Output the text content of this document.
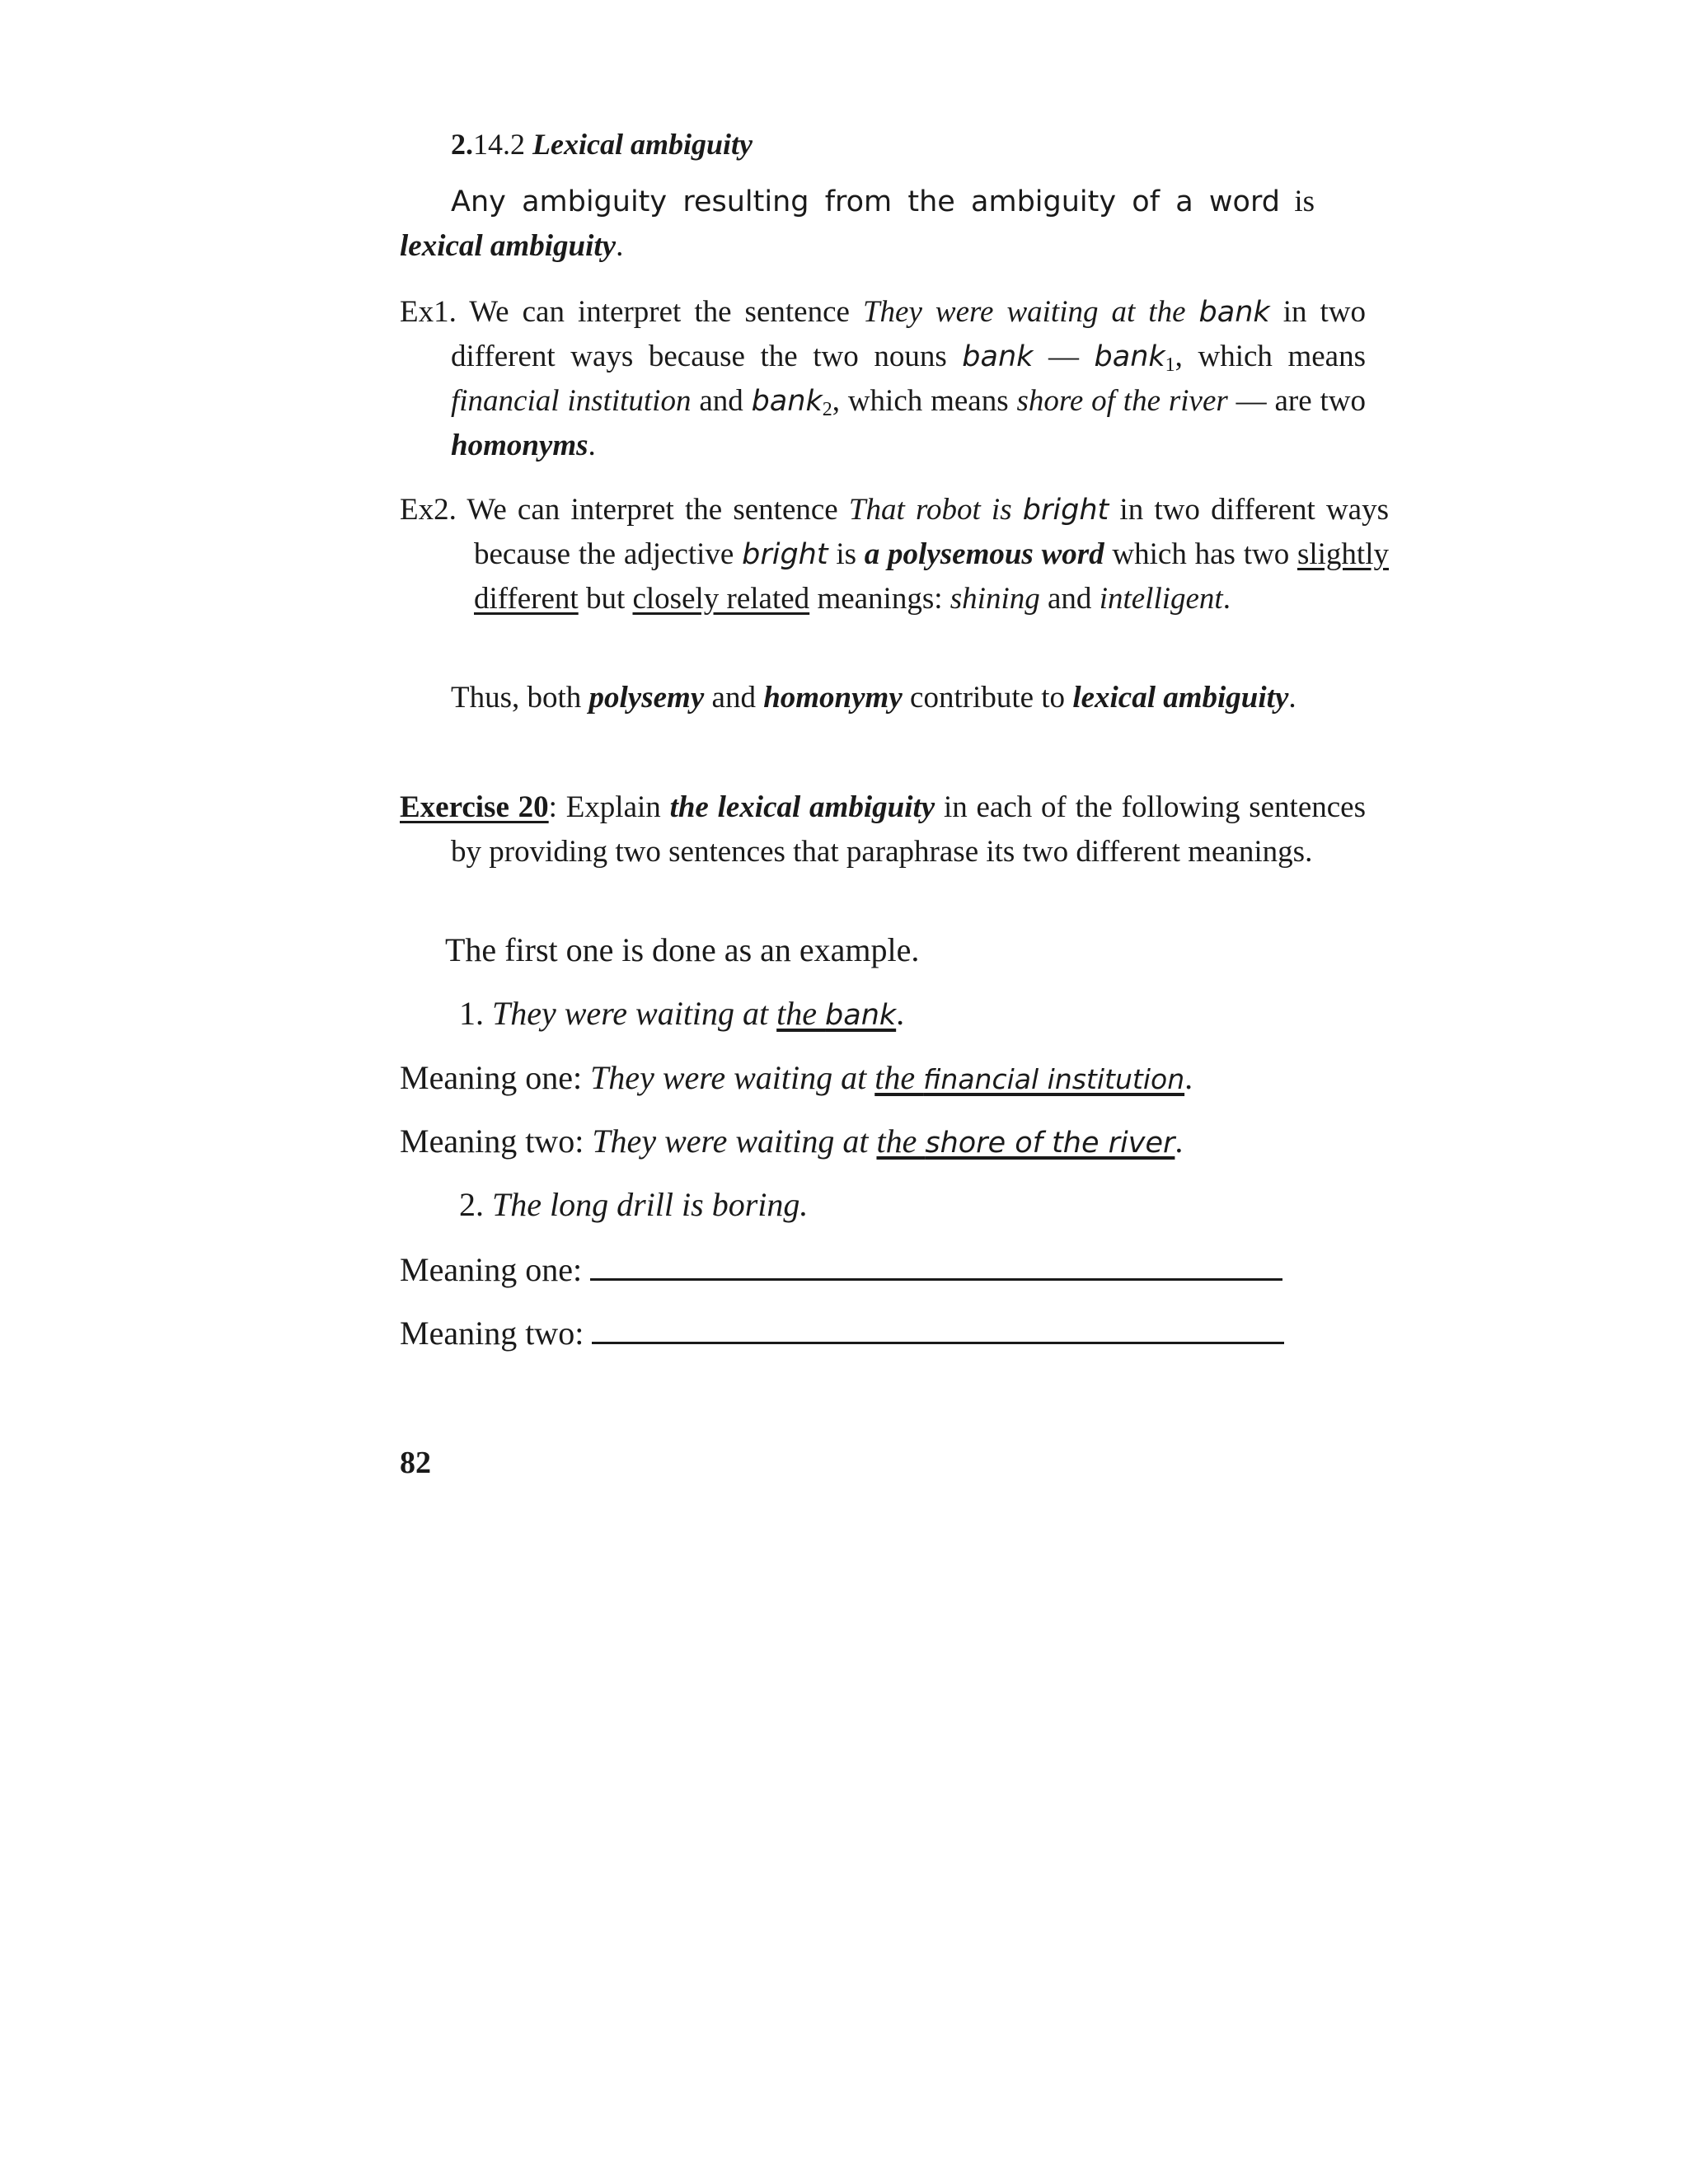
2.14.2 Lexical ambiguity

Any ambiguity resulting from the ambiguity of a word is lexical ambiguity.

Ex1. We can interpret the sentence They were waiting at the bank in two different ways because the two nouns bank — bank$_1$, which means financial institution and bank$_2$, which means shore of the river — are two homonyms.

Ex2. We can interpret the sentence That robot is bright in two different ways because the adjective bright is a polysemous word which has two slightly different but closely related meanings: shining and intelligent.

Thus, both polysemy and homonymy contribute to lexical ambiguity.

Exercise 20: Explain the lexical ambiguity in each of the following sentences by providing two sentences that paraphrase its two different meanings.

The first one is done as an example.
1. They were waiting at the bank.
Meaning one: They were waiting at the financial institution.
Meaning two: They were waiting at the shore of the river.
2. The long drill is boring.
Meaning one:
Meaning two:
82
